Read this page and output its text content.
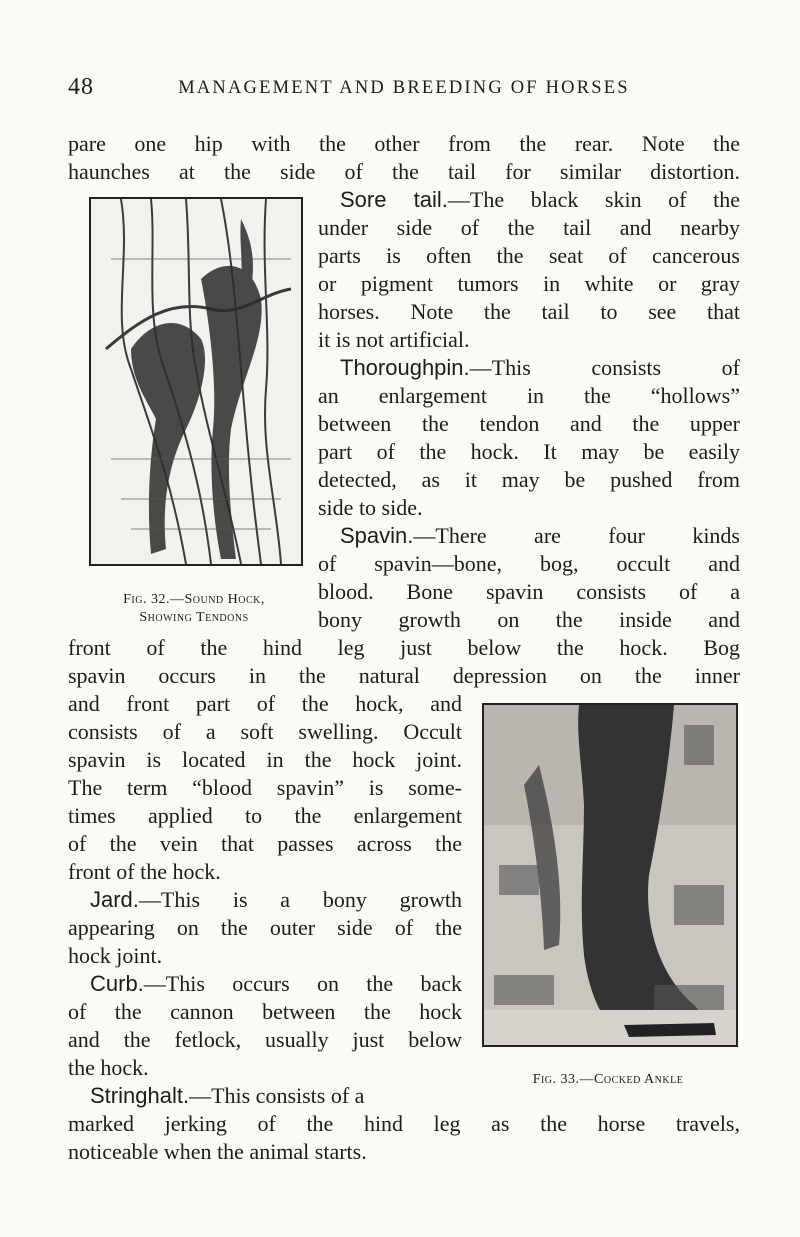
48	MANAGEMENT AND BREEDING OF HORSES
pare one hip with the other from the rear. Note the
haunches at the side of the tail for similar distortion.
Sore tail.—The black skin of the
under side of the tail and nearby
parts is often the seat of cancerous
or pigment tumors in white or gray
horses. Note the tail to see that
it is not artificial.
Thoroughpin.—This consists of
an enlargement in the “hollows”
between the tendon and the upper
part of the hock. It may be easily
detected, as it may be pushed from
side to side.
Spavin.—There are four kinds
of spavin—bone, bog, occult and
blood. Bone spavin consists of a
bony growth on the inside and
front of the hind leg just below the hock. Bog
spavin occurs in the natural depression on the inner
and front part of the hock, and
consists of a soft swelling. Occult
spavin is located in the hock joint.
The term “blood spavin” is some-
times applied to the enlargement
of the vein that passes across the
front of the hock.
Jard.—This is a bony growth
appearing on the outer side of the
hock joint.
Curb.—This occurs on the back
of the cannon between the hock
and the fetlock, usually just below
the hock.
Stringhalt.—This consists of a
marked jerking of the hind leg as the horse travels,
noticeable when the animal starts.
Fig. 32.—Sound Hock,
Showing Tendons
Fig. 33.—Cocked Ankle
